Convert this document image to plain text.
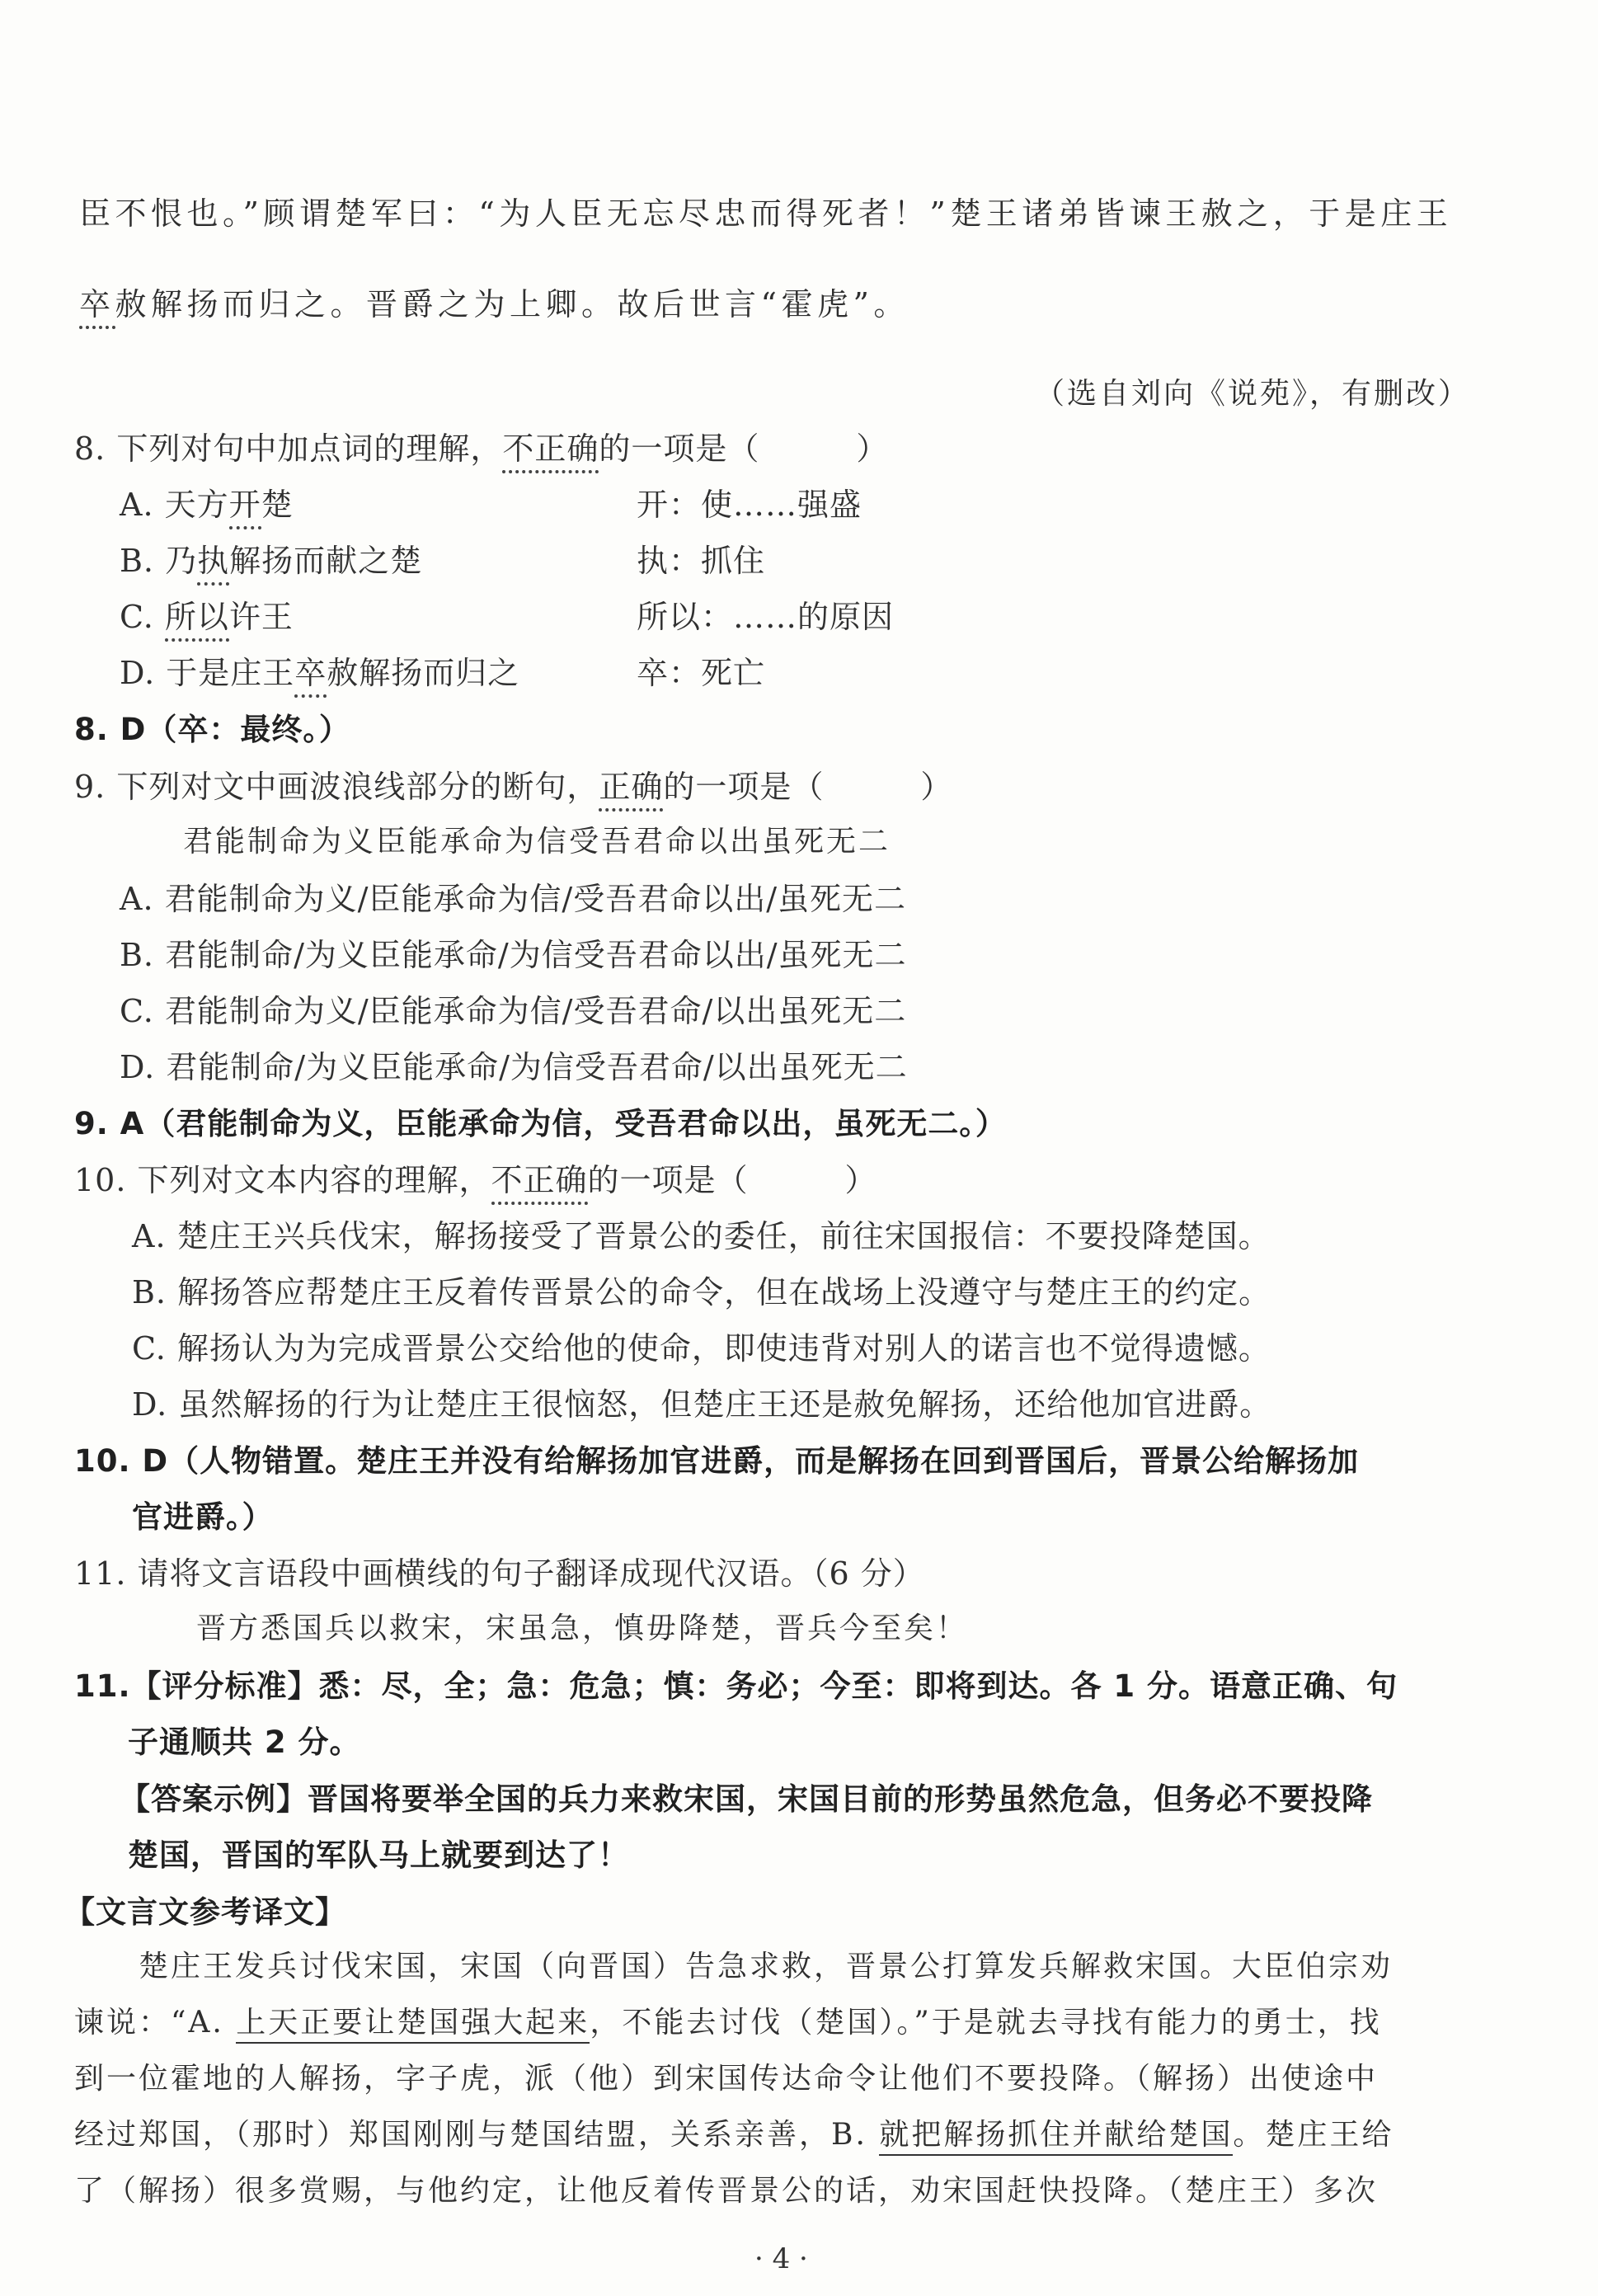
臣不恨也。”顾谓楚军曰：“为人臣无忘尽忠而得死者！”楚王诸弟皆谏王赦之，于是庄王
卒赦解扬而归之。晋爵之为上卿。故后世言“霍虎”。
（选自刘向《说苑》，有删改）
8. 下列对句中加点词的理解，不正确的一项是（　　　）
A. 天方开楚	开：使……强盛
B. 乃执解扬而献之楚	执：抓住
C. 所以许王	所以：……的原因
D. 于是庄王卒赦解扬而归之	卒：死亡
8. D（卒：最终。）
9. 下列对文中画波浪线部分的断句，正确的一项是（　　　）
君能制命为义臣能承命为信受吾君命以出虽死无二
A. 君能制命为义/臣能承命为信/受吾君命以出/虽死无二
B. 君能制命/为义臣能承命/为信受吾君命以出/虽死无二
C. 君能制命为义/臣能承命为信/受吾君命/以出虽死无二
D. 君能制命/为义臣能承命/为信受吾君命/以出虽死无二
9. A（君能制命为义，臣能承命为信，受吾君命以出，虽死无二。）
10. 下列对文本内容的理解，不正确的一项是（　　　）
A. 楚庄王兴兵伐宋，解扬接受了晋景公的委任，前往宋国报信：不要投降楚国。
B. 解扬答应帮楚庄王反着传晋景公的命令，但在战场上没遵守与楚庄王的约定。
C. 解扬认为为完成晋景公交给他的使命，即使违背对别人的诺言也不觉得遗憾。
D. 虽然解扬的行为让楚庄王很恼怒，但楚庄王还是赦免解扬，还给他加官进爵。
10. D（人物错置。楚庄王并没有给解扬加官进爵，而是解扬在回到晋国后，晋景公给解扬加
官进爵。）
11. 请将文言语段中画横线的句子翻译成现代汉语。（6 分）
晋方悉国兵以救宋，宋虽急，慎毋降楚，晋兵今至矣！
11.【评分标准】悉：尽，全；急：危急；慎：务必；今至：即将到达。各 1 分。语意正确、句
子通顺共 2 分。
【答案示例】晋国将要举全国的兵力来救宋国，宋国目前的形势虽然危急，但务必不要投降
楚国，晋国的军队马上就要到达了！
【文言文参考译文】
楚庄王发兵讨伐宋国，宋国（向晋国）告急求救，晋景公打算发兵解救宋国。大臣伯宗劝
谏说：“A. 上天正要让楚国强大起来，不能去讨伐（楚国）。”于是就去寻找有能力的勇士，找
到一位霍地的人解扬，字子虎，派（他）到宋国传达命令让他们不要投降。（解扬）出使途中
经过郑国，（那时）郑国刚刚与楚国结盟，关系亲善，B. 就把解扬抓住并献给楚国。楚庄王给
了（解扬）很多赏赐，与他约定，让他反着传晋景公的话，劝宋国赶快投降。（楚庄王）多次
· 4 ·
